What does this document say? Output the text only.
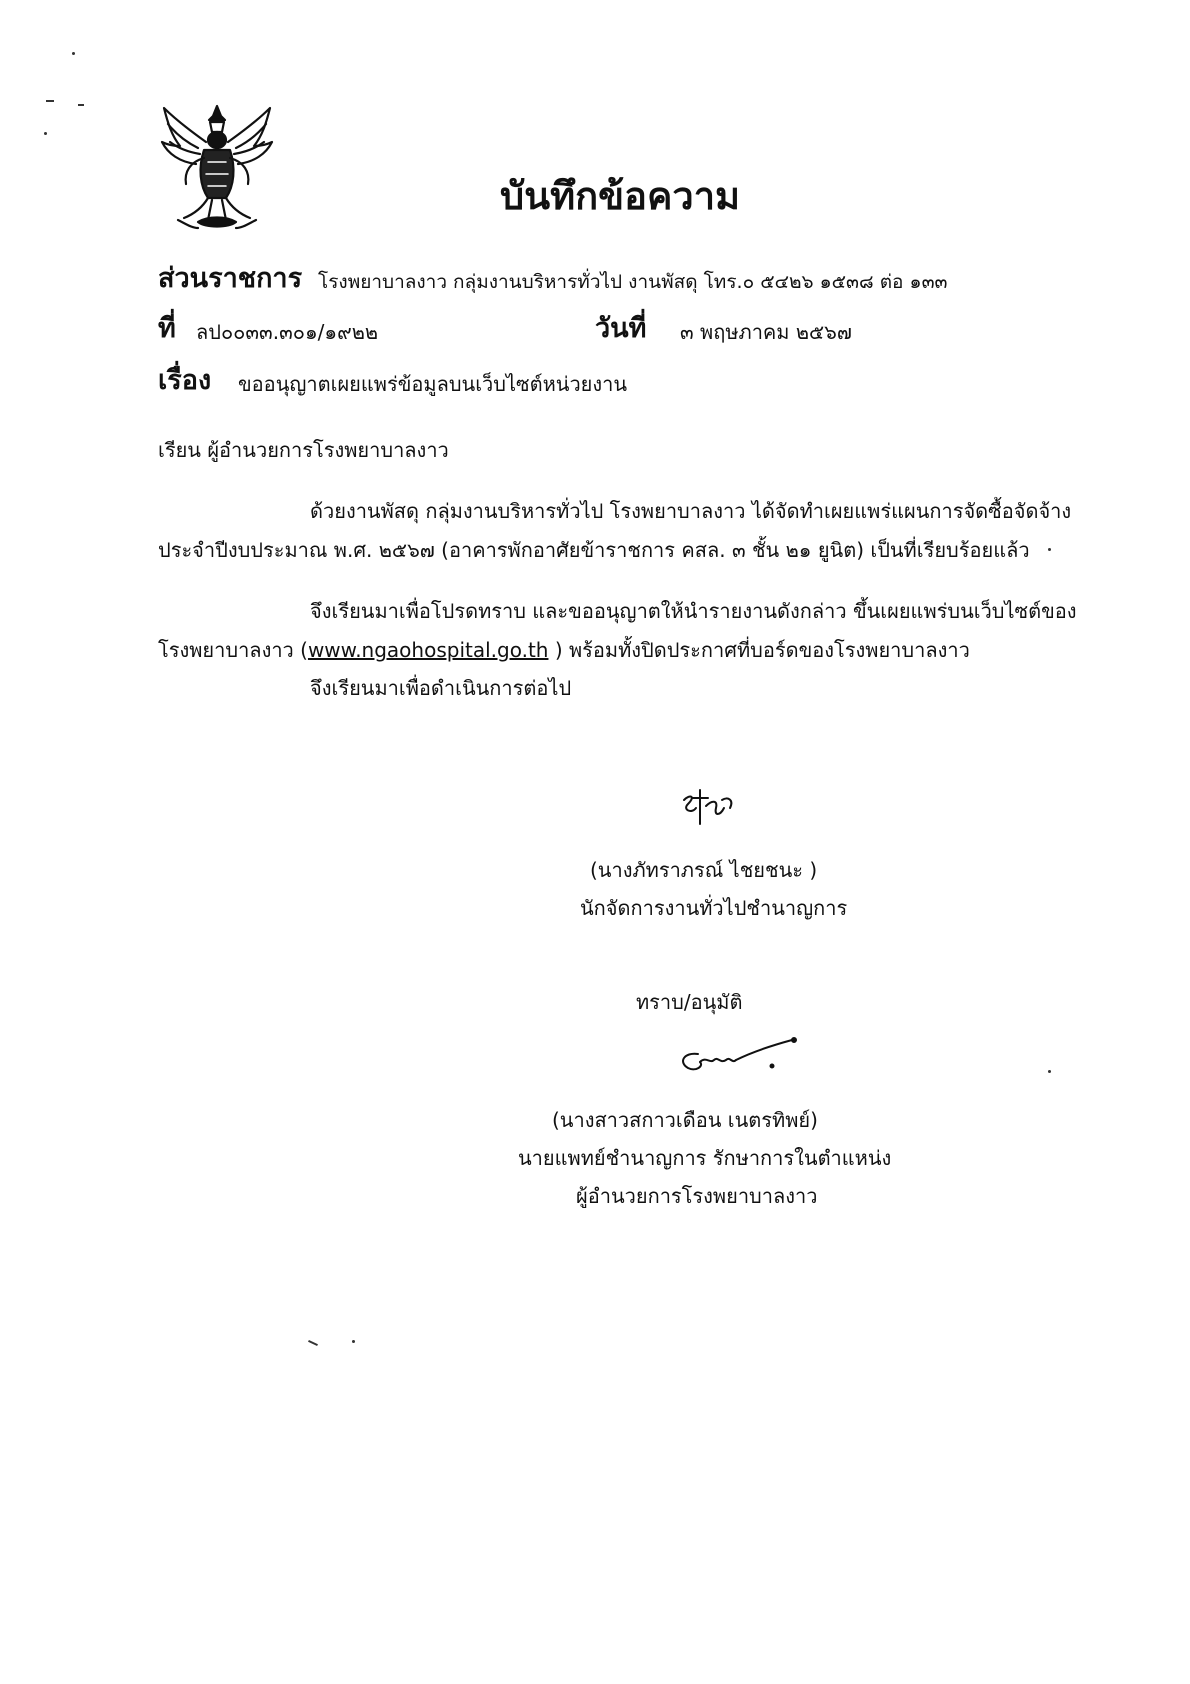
บันทึกข้อความ
ส่วนราชการ โรงพยาบาลงาว กลุ่มงานบริหารทั่วไป งานพัสดุ โทร.๐ ๕๔๒๖ ๑๕๓๘ ต่อ ๑๓๓
ที่ ลป๐๐๓๓.๓๐๑/๑๙๒๒	วันที่ ๓ พฤษภาคม ๒๕๖๗
เรื่อง ขออนุญาตเผยแพร่ข้อมูลบนเว็บไซต์หน่วยงาน
เรียน ผู้อำนวยการโรงพยาบาลงาว
ด้วยงานพัสดุ กลุ่มงานบริหารทั่วไป โรงพยาบาลงาว ได้จัดทำเผยแพร่แผนการจัดซื้อจัดจ้าง
ประจำปีงบประมาณ พ.ศ. ๒๕๖๗ (อาคารพักอาศัยข้าราชการ คสล. ๓ ชั้น ๒๑ ยูนิต) เป็นที่เรียบร้อยแล้ว
จึงเรียนมาเพื่อโปรดทราบ และขออนุญาตให้นำรายงานดังกล่าว ขึ้นเผยแพร่บนเว็บไซต์ของ
โรงพยาบาลงาว (www.ngaohospital.go.th ) พร้อมทั้งปิดประกาศที่บอร์ดของโรงพยาบาลงาว
จึงเรียนมาเพื่อดำเนินการต่อไป
(นางภัทราภรณ์ ไชยชนะ )
นักจัดการงานทั่วไปชำนาญการ
ทราบ/อนุมัติ
(นางสาวสกาวเดือน เนตรทิพย์)
นายแพทย์ชำนาญการ รักษาการในตำแหน่ง
ผู้อำนวยการโรงพยาบาลงาว
